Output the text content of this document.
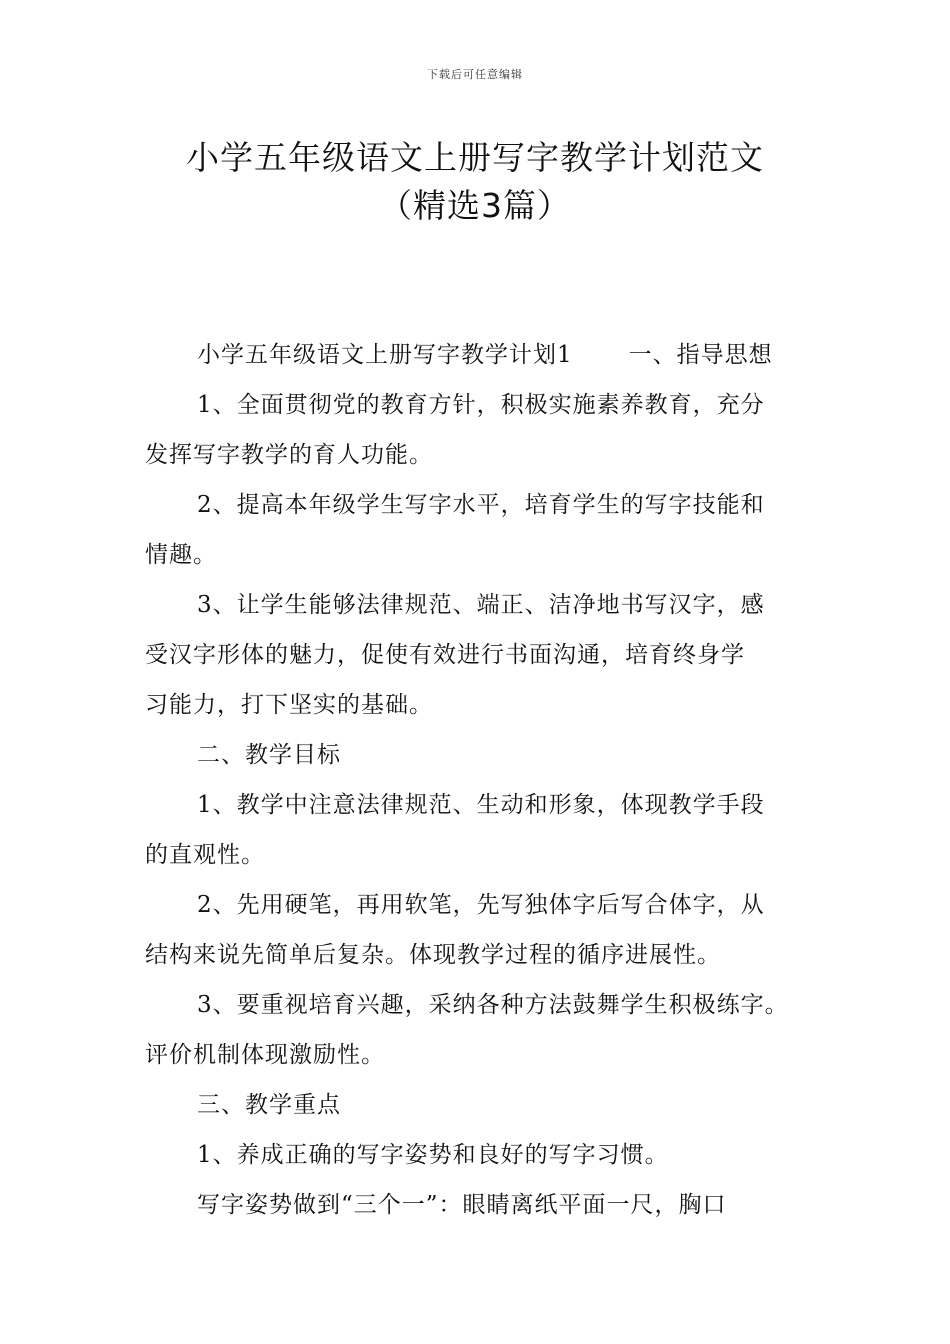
下载后可任意编辑
小学五年级语文上册写字教学计划范文
（精选3篇）
小学五年级语文上册写字教学计划1 一、指导思想
1、全面贯彻党的教育方针，积极实施素养教育，充分
发挥写字教学的育人功能。
2、提高本年级学生写字水平，培育学生的写字技能和
情趣。
3、让学生能够法律规范、端正、洁净地书写汉字，感
受汉字形体的魅力，促使有效进行书面沟通，培育终身学
习能力，打下坚实的基础。
二、教学目标
1、教学中注意法律规范、生动和形象，体现教学手段
的直观性。
2、先用硬笔，再用软笔，先写独体字后写合体字，从
结构来说先简单后复杂。体现教学过程的循序进展性。
3、要重视培育兴趣，采纳各种方法鼓舞学生积极练字。
评价机制体现激励性。
三、教学重点
1、养成正确的写字姿势和良好的写字习惯。
写字姿势做到“三个一”：眼睛离纸平面一尺，胸口
